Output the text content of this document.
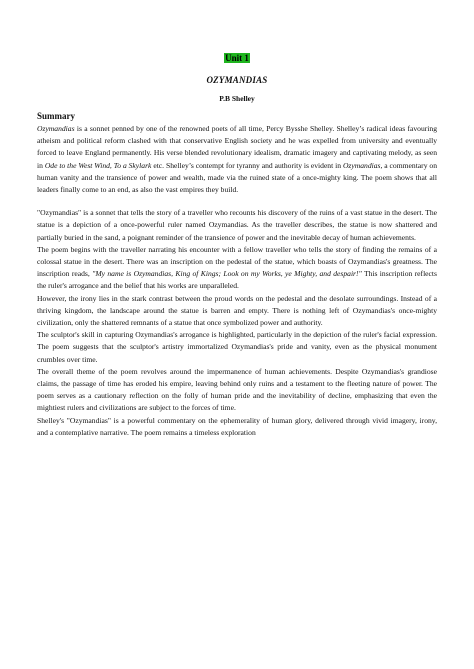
Unit 1

OZYMANDIAS

P.B Shelley

Summary

Ozymandias is a sonnet penned by one of the renowned poets of all time, Percy Bysshe Shelley. Shelley’s radical ideas favouring atheism and political reform clashed with that conservative English society and he was expelled from university and eventually forced to leave England permanently. His verse blended revolutionary idealism, dramatic imagery and captivating melody, as seen in Ode to the West Wind, To a Skylark etc. Shelley’s contempt for tyranny and authority is evident in Ozymandias, a commentary on human vanity and the transience of power and wealth, made via the ruined state of a once-mighty king. The poem shows that all leaders finally come to an end, as also the vast empires they build.

"Ozymandias" is a sonnet that tells the story of a traveller who recounts his discovery of the ruins of a vast statue in the desert. The statue is a depiction of a once-powerful ruler named Ozymandias. As the traveller describes, the statue is now shattered and partially buried in the sand, a poignant reminder of the transience of power and the inevitable decay of human achievements.

The poem begins with the traveller narrating his encounter with a fellow traveller who tells the story of finding the remains of a colossal statue in the desert. There was an inscription on the pedestal of the statue, which boasts of Ozymandias's greatness. The inscription reads, "My name is Ozymandias, King of Kings; Look on my Works, ye Mighty, and despair!" This inscription reflects the ruler's arrogance and the belief that his works are unparalleled.

However, the irony lies in the stark contrast between the proud words on the pedestal and the desolate surroundings. Instead of a thriving kingdom, the landscape around the statue is barren and empty. There is nothing left of Ozymandias's once-mighty civilization, only the shattered remnants of a statue that once symbolized power and authority.

The sculptor's skill in capturing Ozymandias's arrogance is highlighted, particularly in the depiction of the ruler's facial expression. The poem suggests that the sculptor's artistry immortalized Ozymandias's pride and vanity, even as the physical monument crumbles over time.

The overall theme of the poem revolves around the impermanence of human achievements. Despite Ozymandias's grandiose claims, the passage of time has eroded his empire, leaving behind only ruins and a testament to the fleeting nature of power. The poem serves as a cautionary reflection on the folly of human pride and the inevitability of decline, emphasizing that even the mightiest rulers and civilizations are subject to the forces of time.

Shelley's "Ozymandias" is a powerful commentary on the ephemerality of human glory, delivered through vivid imagery, irony, and a contemplative narrative. The poem remains a timeless exploration
